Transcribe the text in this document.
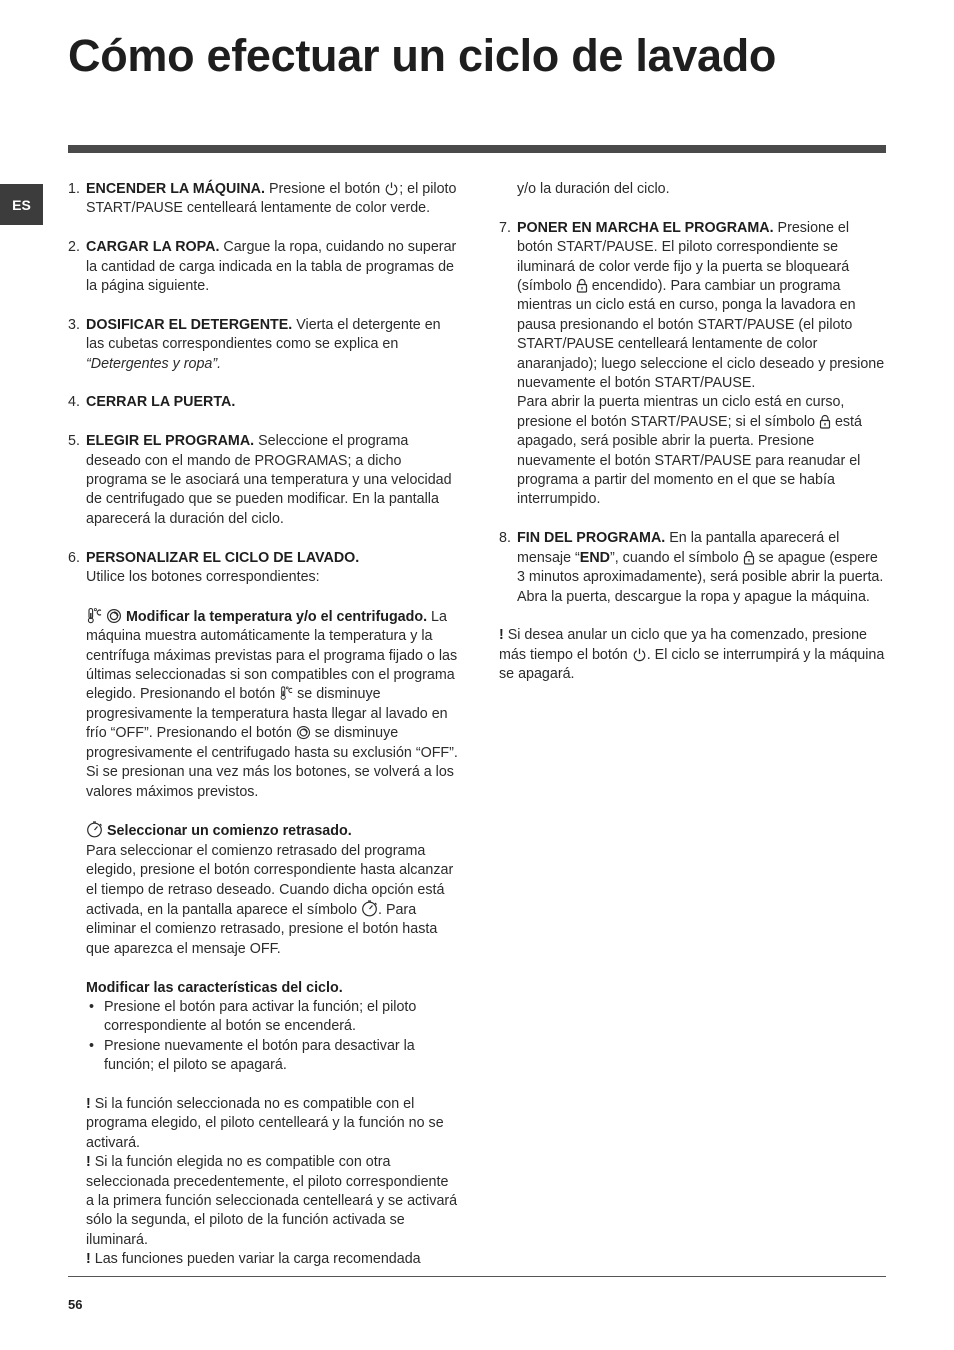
Cómo efectuar un ciclo de lavado
ES
1. ENCENDER LA MÁQUINA. Presione el botón ; el piloto START/PAUSE centelleará lentamente de color verde.
2. CARGAR LA ROPA. Cargue la ropa, cuidando no superar la cantidad de carga indicada en la tabla de programas de la página siguiente.
3. DOSIFICAR EL DETERGENTE. Vierta el detergente en las cubetas correspondientes como se explica en “Detergentes y ropa”.
4. CERRAR LA PUERTA.
5. ELEGIR EL PROGRAMA. Seleccione el programa deseado con el mando de PROGRAMAS; a dicho programa se le asociará una temperatura y una velocidad de centrifugado que se pueden modificar. En la pantalla aparecerá la duración del ciclo.
6. PERSONALIZAR EL CICLO DE LAVADO.
Utilice los botones correspondientes:
Modificar la temperatura y/o el centrifugado. La máquina muestra automáticamente la temperatura y la centrífuga máximas previstas para el programa fijado o las últimas seleccionadas si son compatibles con el programa elegido. Presionando el botón  se disminuye progresivamente la temperatura hasta llegar al lavado en frío “OFF”. Presionando el botón  se disminuye progresivamente el centrifugado hasta su exclusión “OFF”. Si se presionan una vez más los botones, se volverá a los valores máximos previstos.
Seleccionar un comienzo retrasado.
Para seleccionar el comienzo retrasado del programa elegido, presione el botón correspondiente hasta alcanzar el tiempo de retraso deseado. Cuando dicha opción está activada, en la pantalla aparece el símbolo . Para eliminar el comienzo retrasado, presione el botón hasta que aparezca el mensaje OFF.
Modificar las características del ciclo.
• Presione el botón para activar la función; el piloto correspondiente al botón se encenderá.
• Presione nuevamente el botón para desactivar la función; el piloto se apagará.

! Si la función seleccionada no es compatible con el programa elegido, el piloto centelleará y la función no se activará.

! Si la función elegida no es compatible con otra seleccionada precedentemente, el piloto correspondiente a la primera función seleccionada centelleará y se activará sólo la segunda, el piloto de la función activada se iluminará.

! Las funciones pueden variar la carga recomendada

y/o la duración del ciclo.
7. PONER EN MARCHA EL PROGRAMA. Presione el botón START/PAUSE. El piloto correspondiente se iluminará de color verde fijo y la puerta se bloqueará (símbolo  encendido). Para cambiar un programa mientras un ciclo está en curso, ponga la lavadora en pausa presionando el botón START/PAUSE (el piloto START/PAUSE centelleará lentamente de color anaranjado); luego seleccione el ciclo deseado y presione nuevamente el botón START/PAUSE.
Para abrir la puerta mientras un ciclo está en curso, presione el botón START/PAUSE; si el símbolo  está apagado, será posible abrir la puerta. Presione nuevamente el botón START/PAUSE para reanudar el programa a partir del momento en el que se había interrumpido.
8. FIN DEL PROGRAMA. En la pantalla aparecerá el mensaje “END”, cuando el símbolo  se apague (espere 3 minutos aproximadamente), será posible abrir la puerta. Abra la puerta, descargue la ropa y apague la máquina.

! Si desea anular un ciclo que ya ha comenzado, presione más tiempo el botón . El ciclo se interrumpirá y la máquina se apagará.

56
